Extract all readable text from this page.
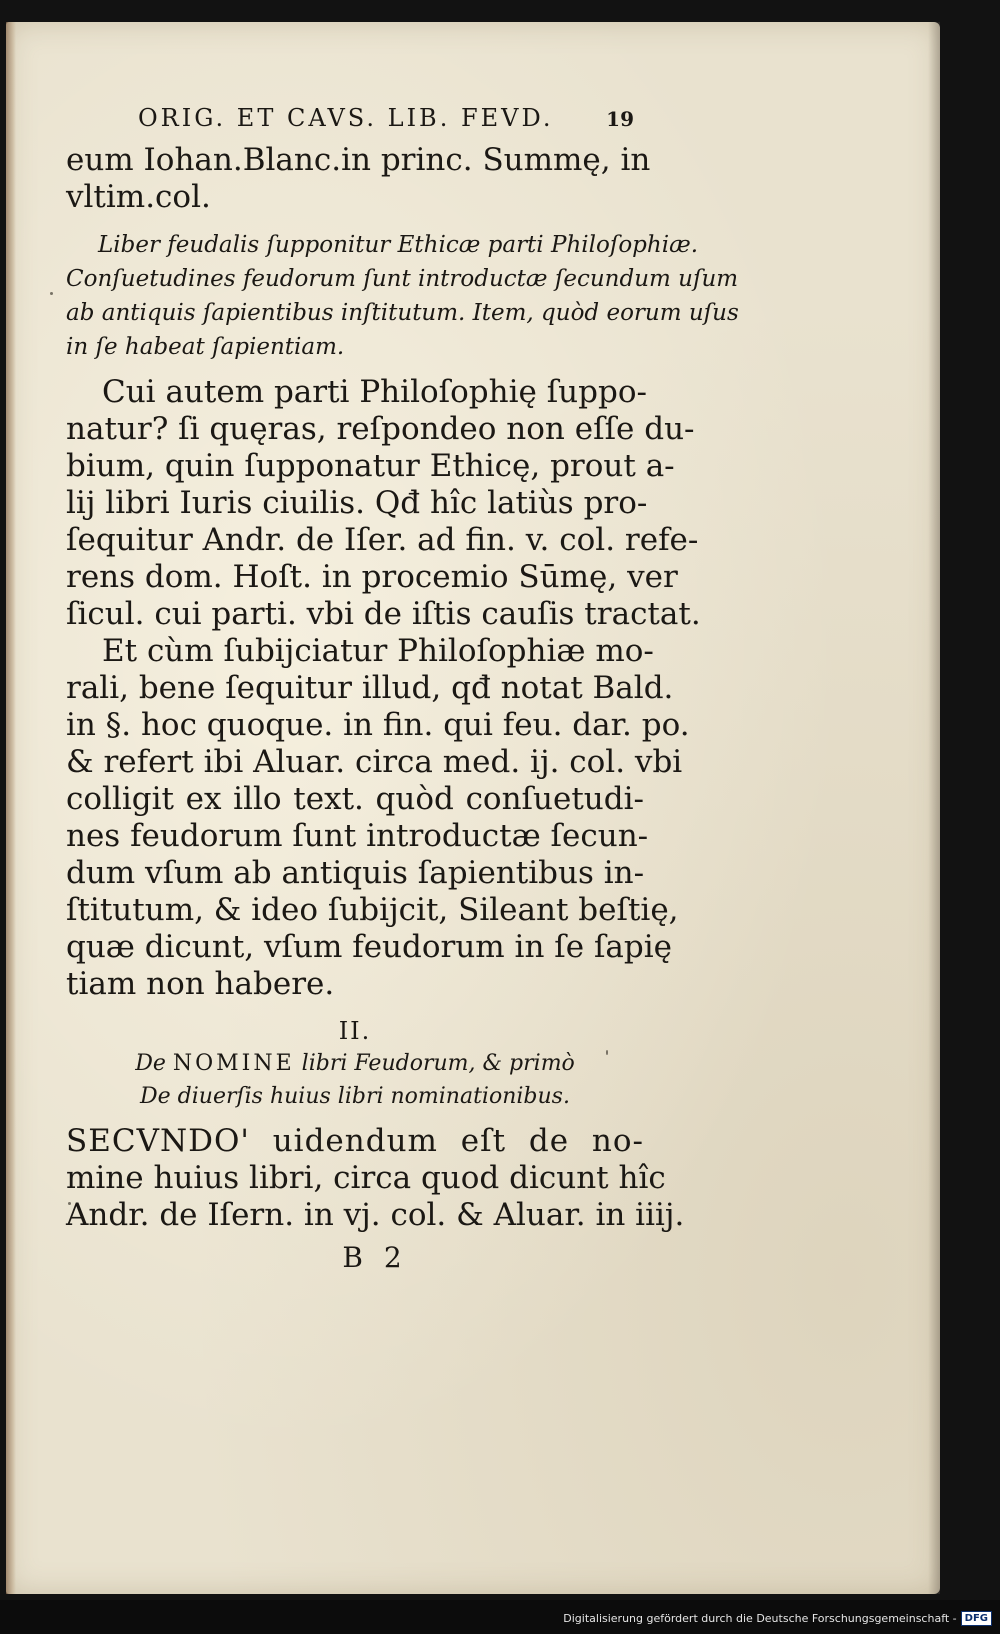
ORIG. ET CAVS. LIB. FEVD.	19
eum Iohan.Blanc.in princ. Summę, in
vltim.col.
Liber feudalis ſupponitur Ethicæ parti Philoſophiæ.
Conſuetudines feudorum ſunt introductæ ſecundum uſum
ab antiquis ſapientibus inſtitutum. Item, quòd eorum uſus
in ſe habeat ſapientiam.
Cui autem parti Philoſophię ſuppo-
natur? ſi quęras, reſpondeo non eſſe du-
bium, quin ſupponatur Ethicę, prout a-
lij libri Iuris ciuilis. Qđ hîc latiùs pro-
ſequitur Andr. de Iſer. ad fin. v. col. refe-
rens dom. Hoſt. in procemio Sūmę, ver
ſicul. cui parti. vbi de iſtis cauſis tractat.
Et cùm ſubijciatur Philoſophiæ mo-
rali, bene ſequitur illud, qđ notat Bald.
in §. hoc quoque. in fin. qui feu. dar. po.
& refert ibi Aluar. circa med. ij. col. vbi
colligit ex illo text. quòd conſuetudi-
nes feudorum ſunt introductæ ſecun-
dum vſum ab antiquis ſapientibus in-
ſtitutum, & ideo ſubijcit, Sileant beſtię,
quæ dicunt, vſum feudorum in ſe ſapię
tiam non habere.
II.
De NOMINE libri Feudorum, & primò
De diuerſis huius libri nominationibus.
SECVNDO' uidendum eſt de no-
mine huius libri, circa quod dicunt hîc
Andr. de Iſern. in vj. col. & Aluar. in iiij.
B 2
Digitalisierung gefördert durch die Deutsche Forschungsgemeinschaft - DFG
